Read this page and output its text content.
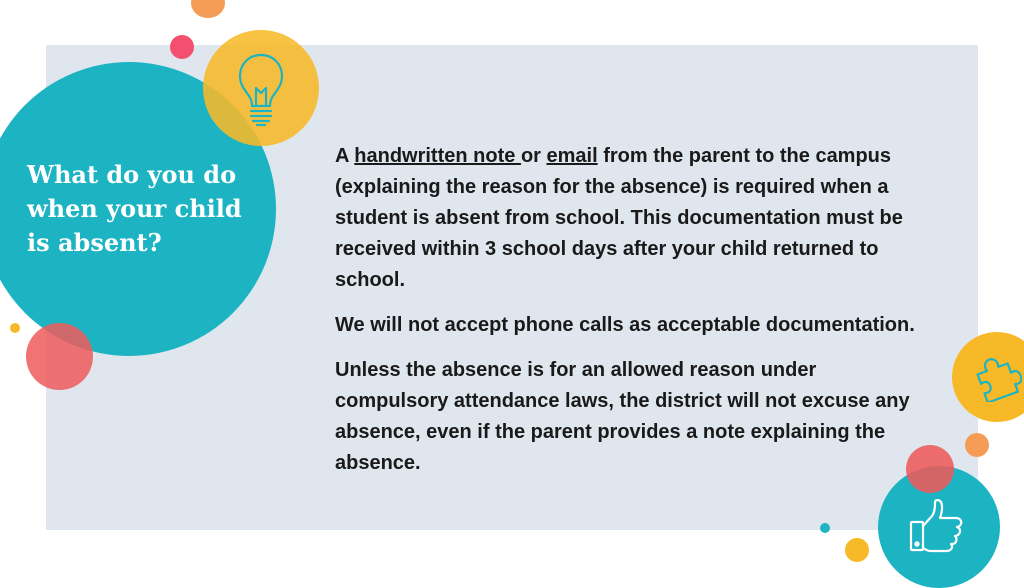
What do you do when your child is absent?

A handwritten note or email from the parent to the campus (explaining the reason for the absence) is required when a student is absent from school. This documentation must be received within 3 school days after your child returned to school.

We will not accept phone calls as acceptable documentation.

Unless the absence is for an allowed reason under compulsory attendance laws, the district will not excuse any absence, even if the parent provides a note explaining the absence.
